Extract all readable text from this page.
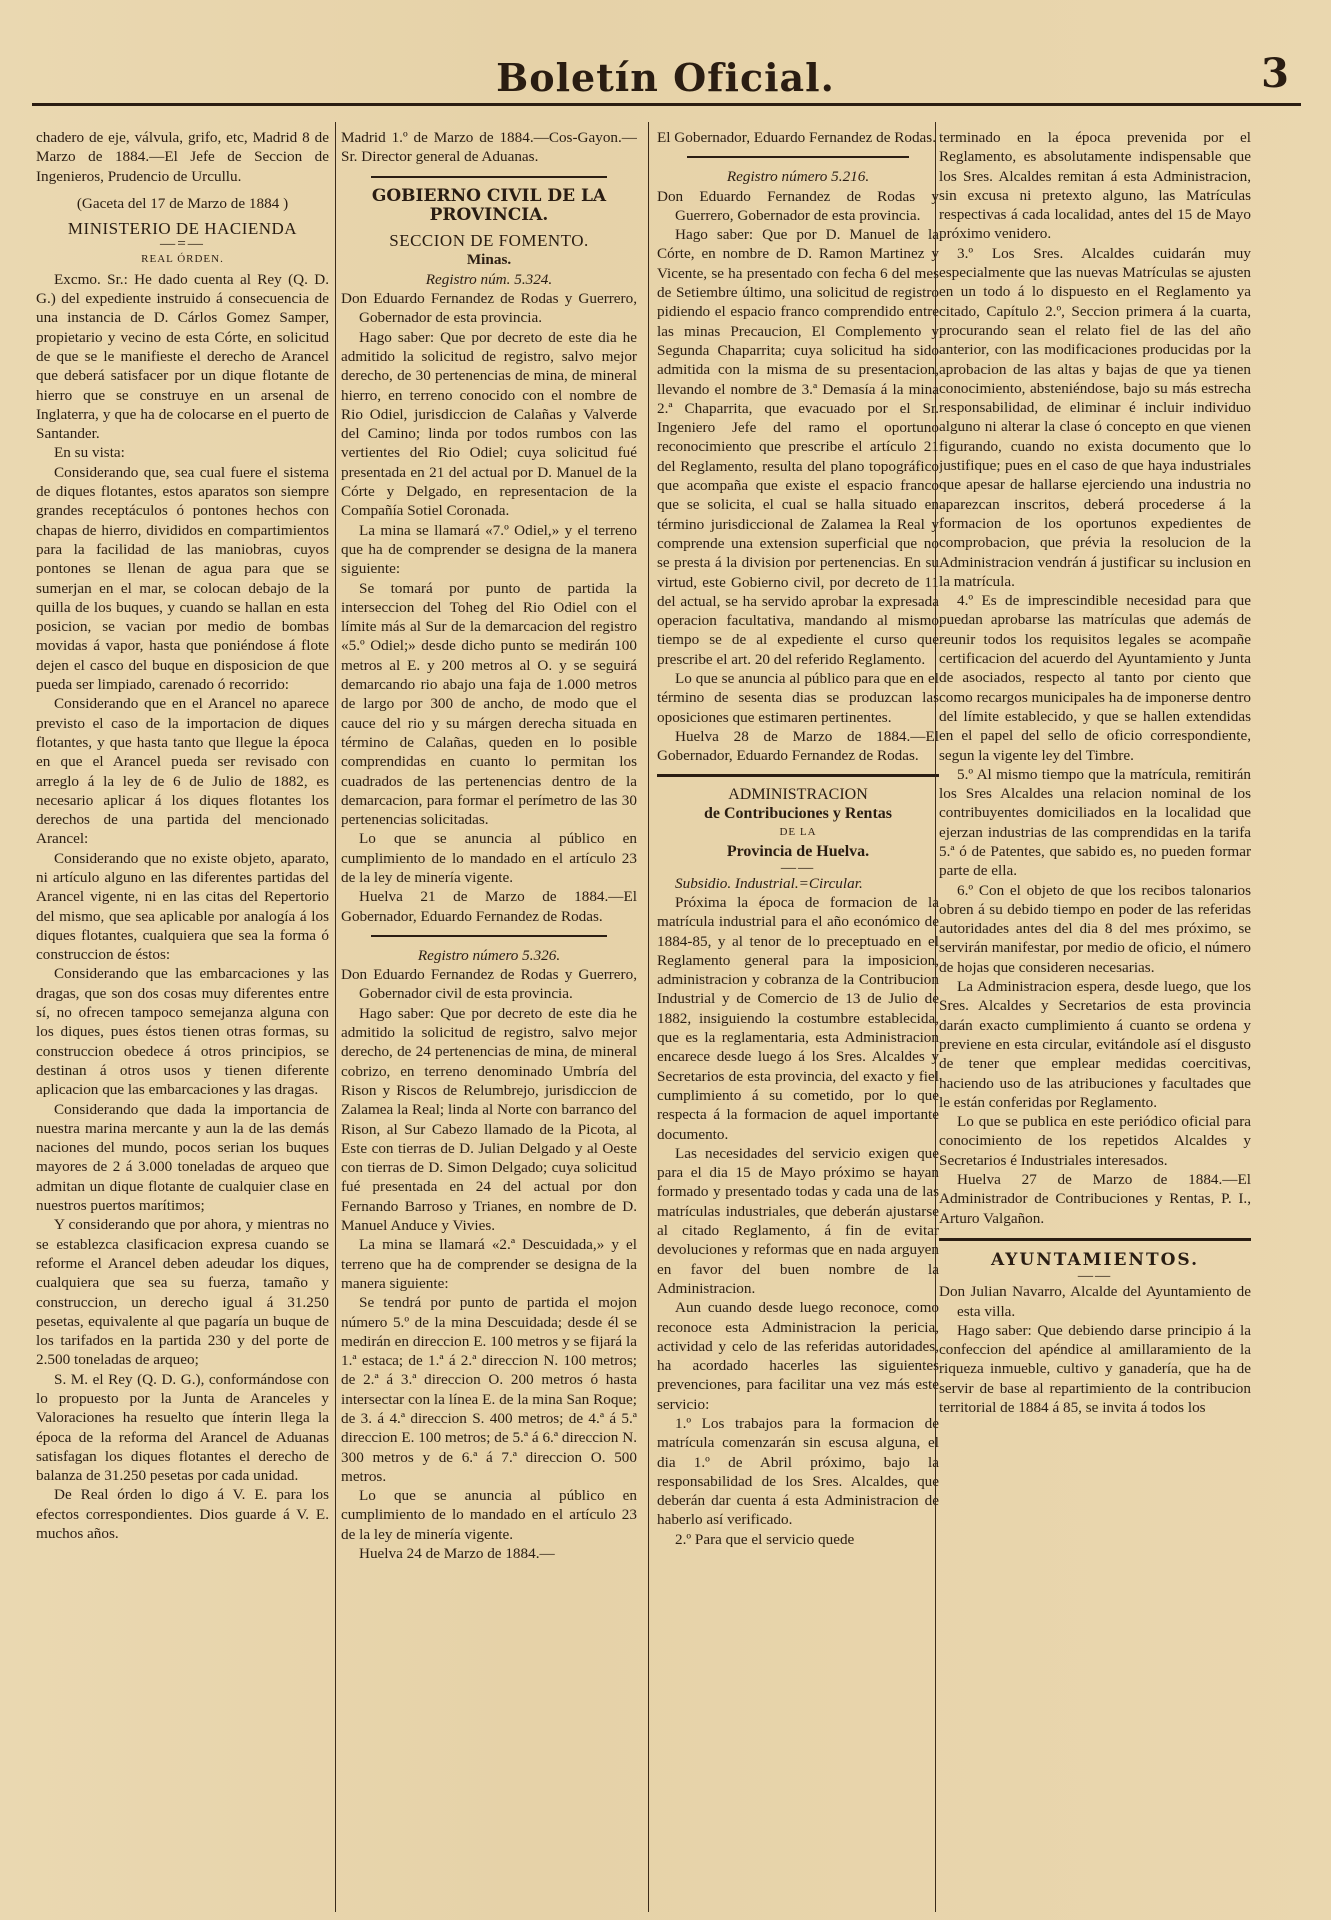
Boletín Oficial.	3

chadero de eje, válvula, grifo, etc, Madrid 8 de Marzo de 1884.—El Jefe de Seccion de Ingenieros, Prudencio de Urcullu.

(Gaceta del 17 de Marzo de 1884 )

MINISTERIO DE HACIENDA

—=—

REAL ÓRDEN.

Excmo. Sr.: He dado cuenta al Rey (Q. D. G.) del expediente instruido á consecuencia de una instancia de D. Cárlos Gomez Samper, propietario y vecino de esta Córte, en solicitud de que se le manifieste el derecho de Arancel que deberá satisfacer por un dique flotante de hierro que se construye en un arsenal de Inglaterra, y que ha de colocarse en el puerto de Santander.

En su vista:

Considerando que, sea cual fuere el sistema de diques flotantes, estos aparatos son siempre grandes receptáculos ó pontones hechos con chapas de hierro, divididos en compartimientos para la facilidad de las maniobras, cuyos pontones se llenan de agua para que se sumerjan en el mar, se colocan debajo de la quilla de los buques, y cuando se hallan en esta posicion, se vacian por medio de bombas movidas á vapor, hasta que poniéndose á flote dejen el casco del buque en disposicion de que pueda ser limpiado, carenado ó recorrido:

Considerando que en el Arancel no aparece previsto el caso de la importacion de diques flotantes, y que hasta tanto que llegue la época en que el Arancel pueda ser revisado con arreglo á la ley de 6 de Julio de 1882, es necesario aplicar á los diques flotantes los derechos de una partida del mencionado Arancel:

Considerando que no existe objeto, aparato, ni artículo alguno en las diferentes partidas del Arancel vigente, ni en las citas del Repertorio del mismo, que sea aplicable por analogía á los diques flotantes, cualquiera que sea la forma ó construccion de éstos:

Considerando que las embarcaciones y las dragas, que son dos cosas muy diferentes entre sí, no ofrecen tampoco semejanza alguna con los diques, pues éstos tienen otras formas, su construccion obedece á otros principios, se destinan á otros usos y tienen diferente aplicacion que las embarcaciones y las dragas.

Considerando que dada la importancia de nuestra marina mercante y aun la de las demás naciones del mundo, pocos serian los buques mayores de 2 á 3.000 toneladas de arqueo que admitan un dique flotante de cualquier clase en nuestros puertos marítimos;

Y considerando que por ahora, y mientras no se establezca clasificacion expresa cuando se reforme el Arancel deben adeudar los diques, cualquiera que sea su fuerza, tamaño y construccion, un derecho igual á 31.250 pesetas, equivalente al que pagaría un buque de los tarifados en la partida 230 y del porte de 2.500 toneladas de arqueo;

S. M. el Rey (Q. D. G.), conformándose con lo propuesto por la Junta de Aranceles y Valoraciones ha resuelto que ínterin llega la época de la reforma del Arancel de Aduanas satisfagan los diques flotantes el derecho de balanza de 31.250 pesetas por cada unidad.

De Real órden lo digo á V. E. para los efectos correspondientes. Dios guarde á V. E. muchos años.

Madrid 1.º de Marzo de 1884.—Cos-Gayon.—Sr. Director general de Aduanas.

GOBIERNO CIVIL DE LA PROVINCIA.

SECCION DE FOMENTO.

Minas.

Registro núm. 5.324.

Don Eduardo Fernandez de Rodas y Guerrero, Gobernador de esta provincia.

Hago saber: Que por decreto de este dia he admitido la solicitud de registro, salvo mejor derecho, de 30 pertenencias de mina, de mineral hierro, en terreno conocido con el nombre de Rio Odiel, jurisdiccion de Calañas y Valverde del Camino; linda por todos rumbos con las vertientes del Rio Odiel; cuya solicitud fué presentada en 21 del actual por D. Manuel de la Córte y Delgado, en representacion de la Compañía Sotiel Coronada.

La mina se llamará «7.º Odiel,» y el terreno que ha de comprender se designa de la manera siguiente:

Se tomará por punto de partida la interseccion del Toheg del Rio Odiel con el límite más al Sur de la demarcacion del registro «5.º Odiel;» desde dicho punto se medirán 100 metros al E. y 200 metros al O. y se seguirá demarcando rio abajo una faja de 1.000 metros de largo por 300 de ancho, de modo que el cauce del rio y su márgen derecha situada en término de Calañas, queden en lo posible comprendidas en cuanto lo permitan los cuadrados de las pertenencias dentro de la demarcacion, para formar el perímetro de las 30 pertenencias solicitadas.

Lo que se anuncia al público en cumplimiento de lo mandado en el artículo 23 de la ley de minería vigente.

Huelva 21 de Marzo de 1884.—El Gobernador, Eduardo Fernandez de Rodas.

Registro número 5.326.

Don Eduardo Fernandez de Rodas y Guerrero, Gobernador civil de esta provincia.

Hago saber: Que por decreto de este dia he admitido la solicitud de registro, salvo mejor derecho, de 24 pertenencias de mina, de mineral cobrizo, en terreno denominado Umbría del Rison y Riscos de Relumbrejo, jurisdiccion de Zalamea la Real; linda al Norte con barranco del Rison, al Sur Cabezo llamado de la Picota, al Este con tierras de D. Julian Delgado y al Oeste con tierras de D. Simon Delgado; cuya solicitud fué presentada en 24 del actual por don Fernando Barroso y Trianes, en nombre de D. Manuel Anduce y Vivies.

La mina se llamará «2.ª Descuidada,» y el terreno que ha de comprender se designa de la manera siguiente:

Se tendrá por punto de partida el mojon número 5.º de la mina Descuidada; desde él se medirán en direccion E. 100 metros y se fijará la 1.ª estaca; de 1.ª á 2.ª direccion N. 100 metros; de 2.ª á 3.ª direccion O. 200 metros ó hasta intersectar con la línea E. de la mina San Roque; de 3. á 4.ª direccion S. 400 metros; de 4.ª á 5.ª direccion E. 100 metros; de 5.ª á 6.ª direccion N. 300 metros y de 6.ª á 7.ª direccion O. 500 metros.

Lo que se anuncia al público en cumplimiento de lo mandado en el artículo 23 de la ley de minería vigente.

Huelva 24 de Marzo de 1884.—

El Gobernador, Eduardo Fernandez de Rodas.

Registro número 5.216.

Don Eduardo Fernandez de Rodas y Guerrero, Gobernador de esta provincia.

Hago saber: Que por D. Manuel de la Córte, en nombre de D. Ramon Martinez y Vicente, se ha presentado con fecha 6 del mes de Setiembre último, una solicitud de registro pidiendo el espacio franco comprendido entre las minas Precaucion, El Complemento y Segunda Chaparrita; cuya solicitud ha sido admitida con la misma de su presentacion, llevando el nombre de 3.ª Demasía á la mina 2.ª Chaparrita, que evacuado por el Sr. Ingeniero Jefe del ramo el oportuno reconocimiento que prescribe el artículo 21 del Reglamento, resulta del plano topográfico que acompaña que existe el espacio franco que se solicita, el cual se halla situado en término jurisdiccional de Zalamea la Real y comprende una extension superficial que no se presta á la division por pertenencias. En su virtud, este Gobierno civil, por decreto de 11 del actual, se ha servido aprobar la expresada operacion facultativa, mandando al mismo tiempo se de al expediente el curso que prescribe el art. 20 del referido Reglamento.

Lo que se anuncia al público para que en el término de sesenta dias se produzcan las oposiciones que estimaren pertinentes.

Huelva 28 de Marzo de 1884.—El Gobernador, Eduardo Fernandez de Rodas.

ADMINISTRACION

de Contribuciones y Rentas

DE LA

Provincia de Huelva.

——

Subsidio. Industrial.=Circular.

Próxima la época de formacion de la matrícula industrial para el año económico de 1884-85, y al tenor de lo preceptuado en el Reglamento general para la imposicion, administracion y cobranza de la Contribucion Industrial y de Comercio de 13 de Julio de 1882, insiguiendo la costumbre establecida, que es la reglamentaria, esta Administracion encarece desde luego á los Sres. Alcaldes y Secretarios de esta provincia, del exacto y fiel cumplimiento á su cometido, por lo que respecta á la formacion de aquel importante documento.

Las necesidades del servicio exigen que para el dia 15 de Mayo próximo se hayan formado y presentado todas y cada una de las matrículas industriales, que deberán ajustarse al citado Reglamento, á fin de evitar devoluciones y reformas que en nada arguyen en favor del buen nombre de la Administracion.

Aun cuando desde luego reconoce, como reconoce esta Administracion la pericia, actividad y celo de las referidas autoridades, ha acordado hacerles las siguientes prevenciones, para facilitar una vez más este servicio:

1.º Los trabajos para la formacion de matrícula comenzarán sin escusa alguna, el dia 1.º de Abril próximo, bajo la responsabilidad de los Sres. Alcaldes, que deberán dar cuenta á esta Administracion de haberlo así verificado.

2.º Para que el servicio quede

terminado en la época prevenida por el Reglamento, es absolutamente indispensable que los Sres. Alcaldes remitan á esta Administracion, sin excusa ni pretexto alguno, las Matrículas respectivas á cada localidad, antes del 15 de Mayo próximo venidero.

3.º Los Sres. Alcaldes cuidarán muy especialmente que las nuevas Matrículas se ajusten en un todo á lo dispuesto en el Reglamento ya citado, Capítulo 2.º, Seccion primera á la cuarta, procurando sean el relato fiel de las del año anterior, con las modificaciones producidas por la aprobacion de las altas y bajas de que ya tienen conocimiento, absteniéndose, bajo su más estrecha responsabilidad, de eliminar é incluir individuo alguno ni alterar la clase ó concepto en que vienen figurando, cuando no exista documento que lo justifique; pues en el caso de que haya industriales que apesar de hallarse ejerciendo una industria no aparezcan inscritos, deberá procederse á la formacion de los oportunos expedientes de comprobacion, que prévia la resolucion de la Administracion vendrán á justificar su inclusion en la matrícula.

4.º Es de imprescindible necesidad para que puedan aprobarse las matrículas que además de reunir todos los requisitos legales se acompañe certificacion del acuerdo del Ayuntamiento y Junta de asociados, respecto al tanto por ciento que como recargos municipales ha de imponerse dentro del límite establecido, y que se hallen extendidas en el papel del sello de oficio correspondiente, segun la vigente ley del Timbre.

5.º Al mismo tiempo que la matrícula, remitirán los Sres Alcaldes una relacion nominal de los contribuyentes domiciliados en la localidad que ejerzan industrias de las comprendidas en la tarifa 5.ª ó de Patentes, que sabido es, no pueden formar parte de ella.

6.º Con el objeto de que los recibos talonarios obren á su debido tiempo en poder de las referidas autoridades antes del dia 8 del mes próximo, se servirán manifestar, por medio de oficio, el número de hojas que consideren necesarias.

La Administracion espera, desde luego, que los Sres. Alcaldes y Secretarios de esta provincia darán exacto cumplimiento á cuanto se ordena y previene en esta circular, evitándole así el disgusto de tener que emplear medidas coercitivas, haciendo uso de las atribuciones y facultades que le están conferidas por Reglamento.

Lo que se publica en este periódico oficial para conocimiento de los repetidos Alcaldes y Secretarios é Industriales interesados.

Huelva 27 de Marzo de 1884.—El Administrador de Contribuciones y Rentas, P. I., Arturo Valgañon.

AYUNTAMIENTOS.

——

Don Julian Navarro, Alcalde del Ayuntamiento de esta villa.

Hago saber: Que debiendo darse principio á la confeccion del apéndice al amillaramiento de la riqueza inmueble, cultivo y ganadería, que ha de servir de base al repartimiento de la contribucion territorial de 1884 á 85, se invita á todos los
